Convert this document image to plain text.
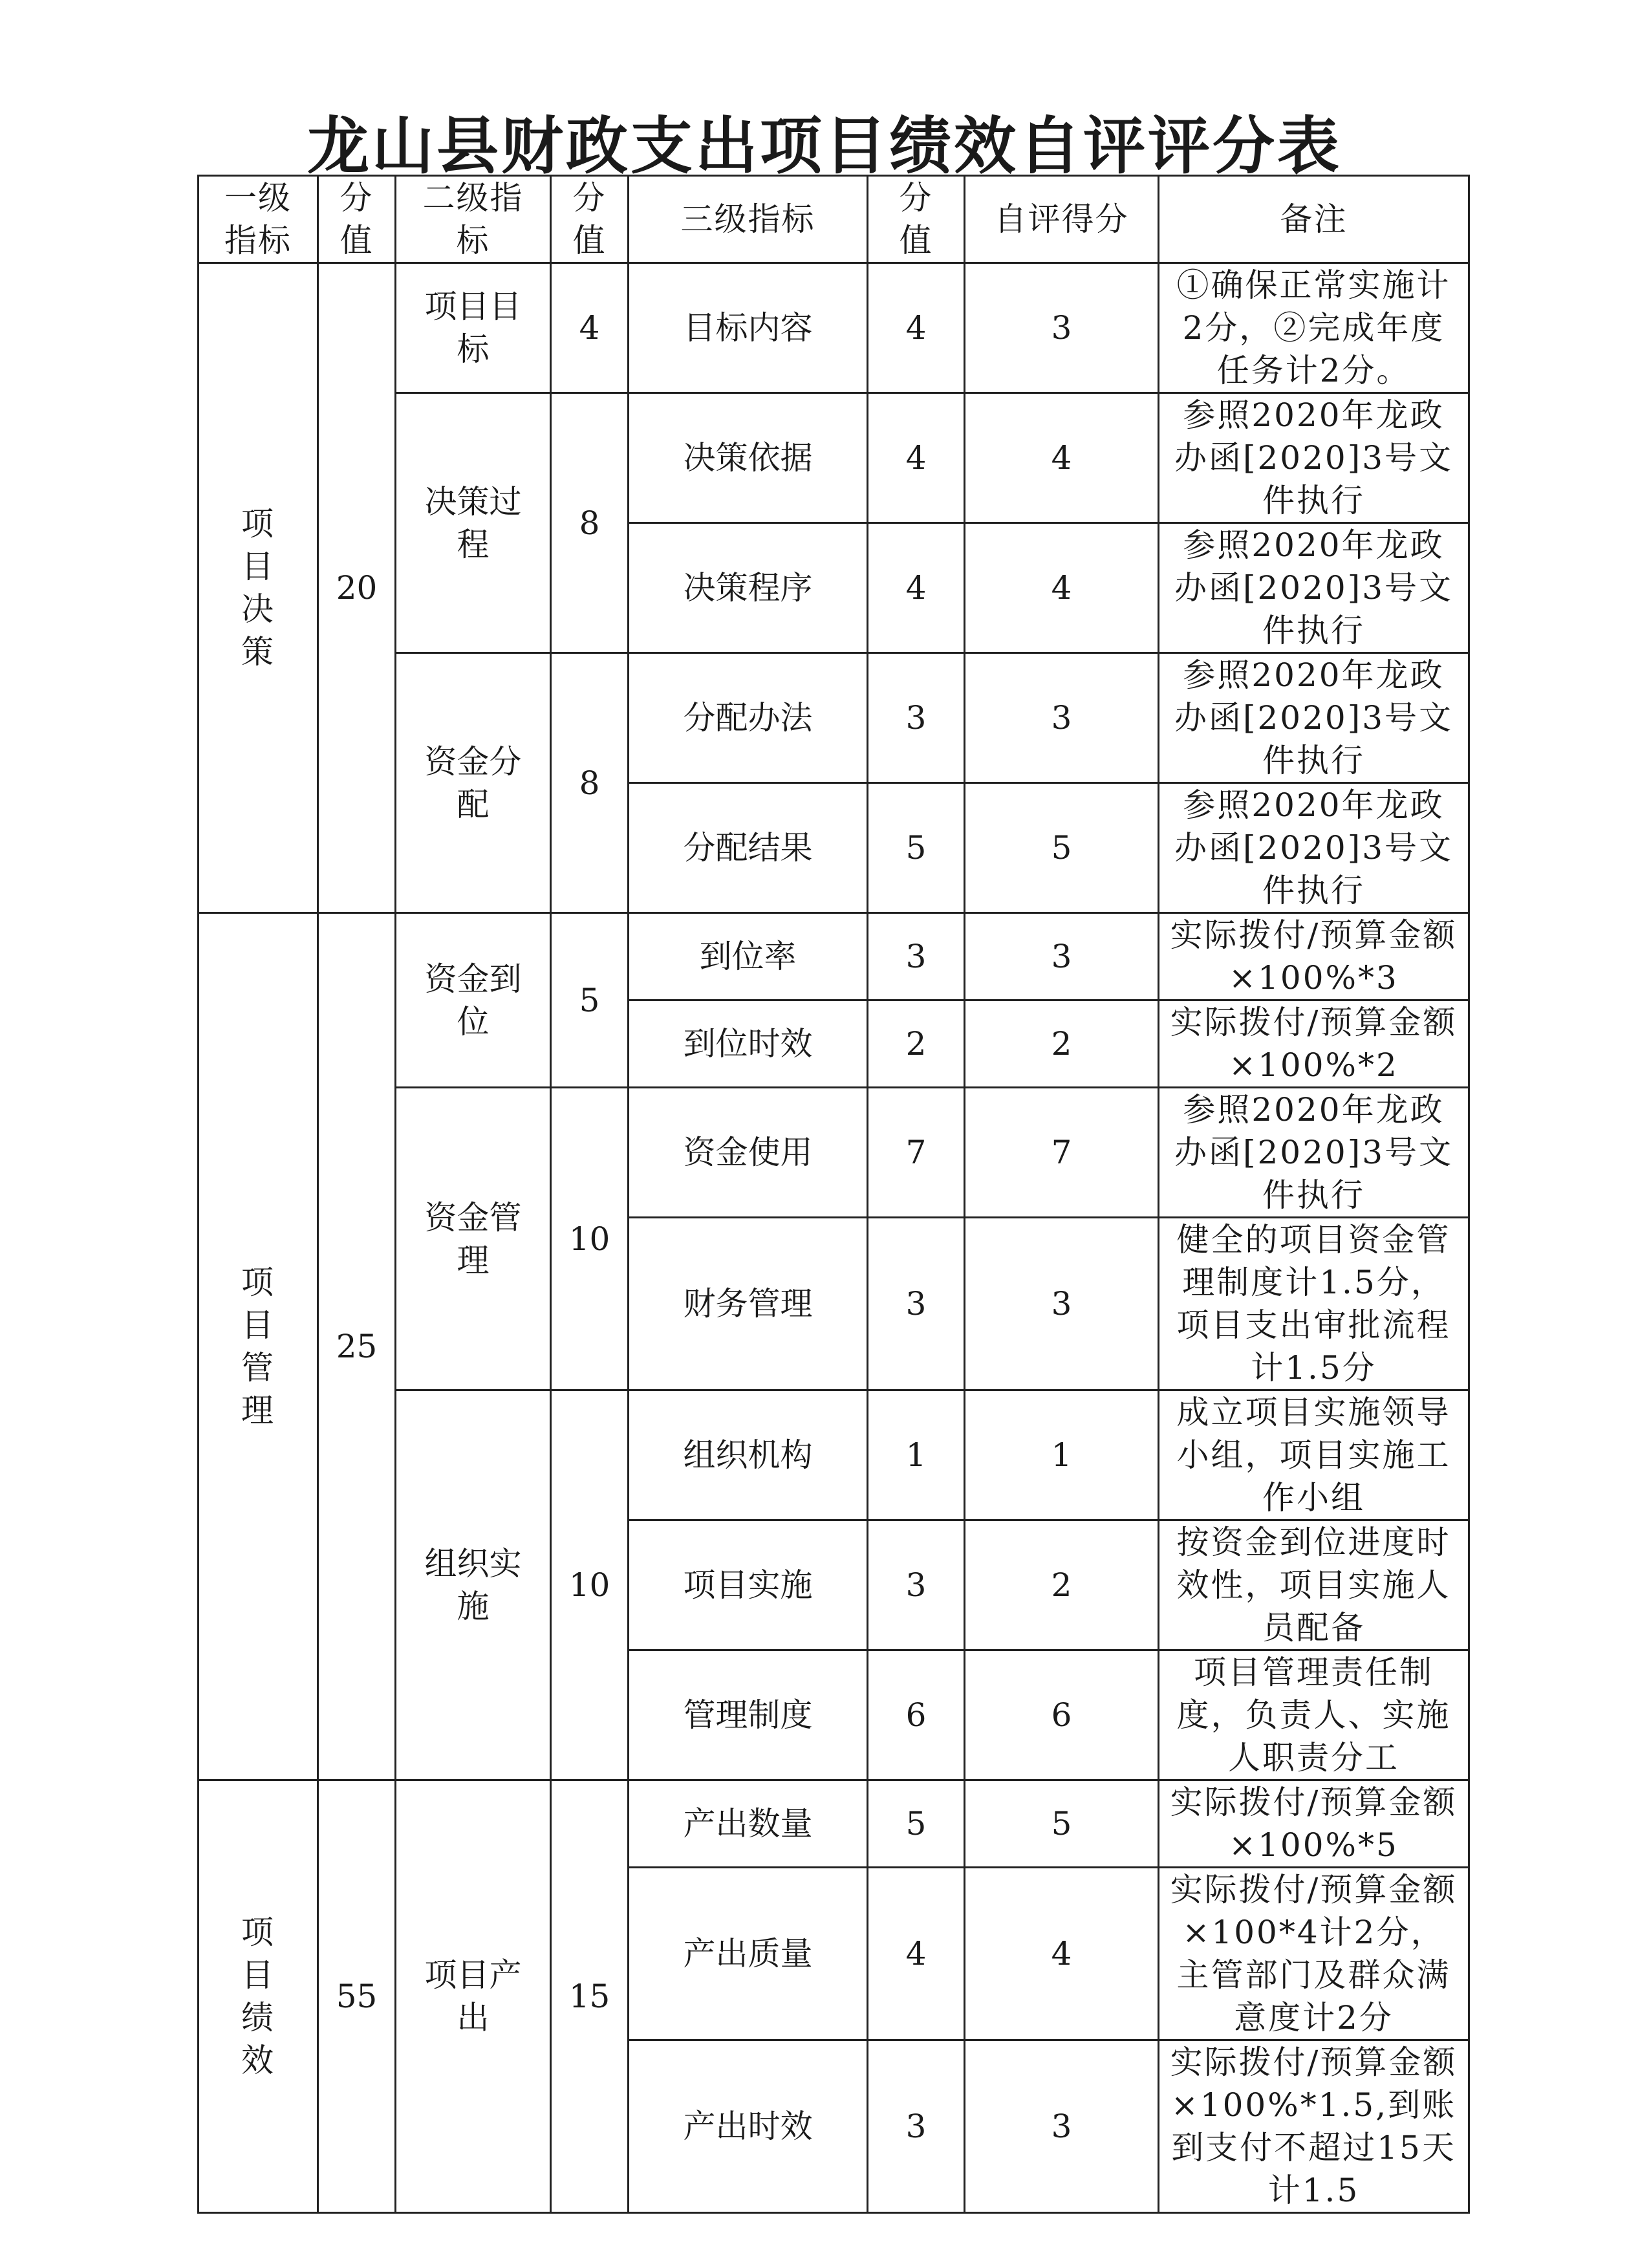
龙山县财政支出项目绩效自评评分表
一级指标	分值	二级指标	分值	三级指标	分值	自评得分	备注
项目决策	20	项目目标	4	目标内容	4	3	①确保正常实施计2分，②完成年度任务计2分。
		决策过程	8	决策依据	4	4	参照2020年龙政办函[2020]3号文件执行
				决策程序	4	4	参照2020年龙政办函[2020]3号文件执行
		资金分配	8	分配办法	3	3	参照2020年龙政办函[2020]3号文件执行
				分配结果	5	5	参照2020年龙政办函[2020]3号文件执行
项目管理	25	资金到位	5	到位率	3	3	实际拨付/预算金额×100%*3
				到位时效	2	2	实际拨付/预算金额×100%*2
		资金管理	10	资金使用	7	7	参照2020年龙政办函[2020]3号文件执行
				财务管理	3	3	健全的项目资金管理制度计1.5分，项目支出审批流程计1.5分
		组织实施	10	组织机构	1	1	成立项目实施领导小组，项目实施工作小组
				项目实施	3	2	按资金到位进度时效性，项目实施人员配备
				管理制度	6	6	项目管理责任制度，负责人、实施人职责分工
项目绩效	55	项目产出	15	产出数量	5	5	实际拨付/预算金额×100%*5
				产出质量	4	4	实际拨付/预算金额×100*4计2分，主管部门及群众满意度计2分
				产出时效	3	3	实际拨付/预算金额×100%*1.5,到账到支付不超过15天计1.5
